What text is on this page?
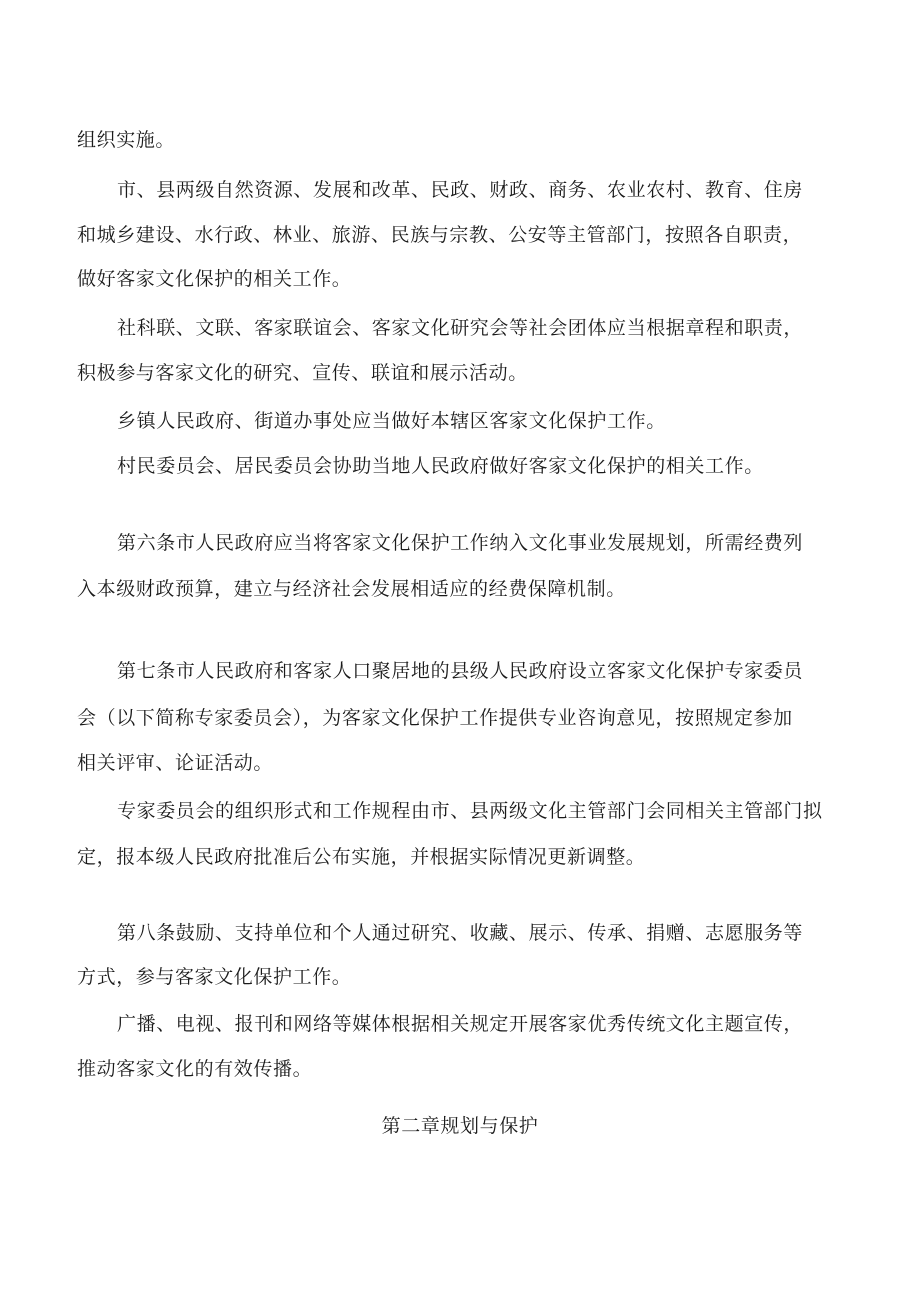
组织实施。
市、县两级自然资源、发展和改革、民政、财政、商务、农业农村、教育、住房
和城乡建设、水行政、林业、旅游、民族与宗教、公安等主管部门，按照各自职责，
做好客家文化保护的相关工作。
社科联、文联、客家联谊会、客家文化研究会等社会团体应当根据章程和职责，
积极参与客家文化的研究、宣传、联谊和展示活动。
乡镇人民政府、街道办事处应当做好本辖区客家文化保护工作。
村民委员会、居民委员会协助当地人民政府做好客家文化保护的相关工作。
第六条市人民政府应当将客家文化保护工作纳入文化事业发展规划，所需经费列
入本级财政预算，建立与经济社会发展相适应的经费保障机制。
第七条市人民政府和客家人口聚居地的县级人民政府设立客家文化保护专家委员
会（以下简称专家委员会），为客家文化保护工作提供专业咨询意见，按照规定参加
相关评审、论证活动。
专家委员会的组织形式和工作规程由市、县两级文化主管部门会同相关主管部门拟
定，报本级人民政府批准后公布实施，并根据实际情况更新调整。
第八条鼓励、支持单位和个人通过研究、收藏、展示、传承、捐赠、志愿服务等
方式，参与客家文化保护工作。
广播、电视、报刊和网络等媒体根据相关规定开展客家优秀传统文化主题宣传，
推动客家文化的有效传播。
第二章规划与保护
